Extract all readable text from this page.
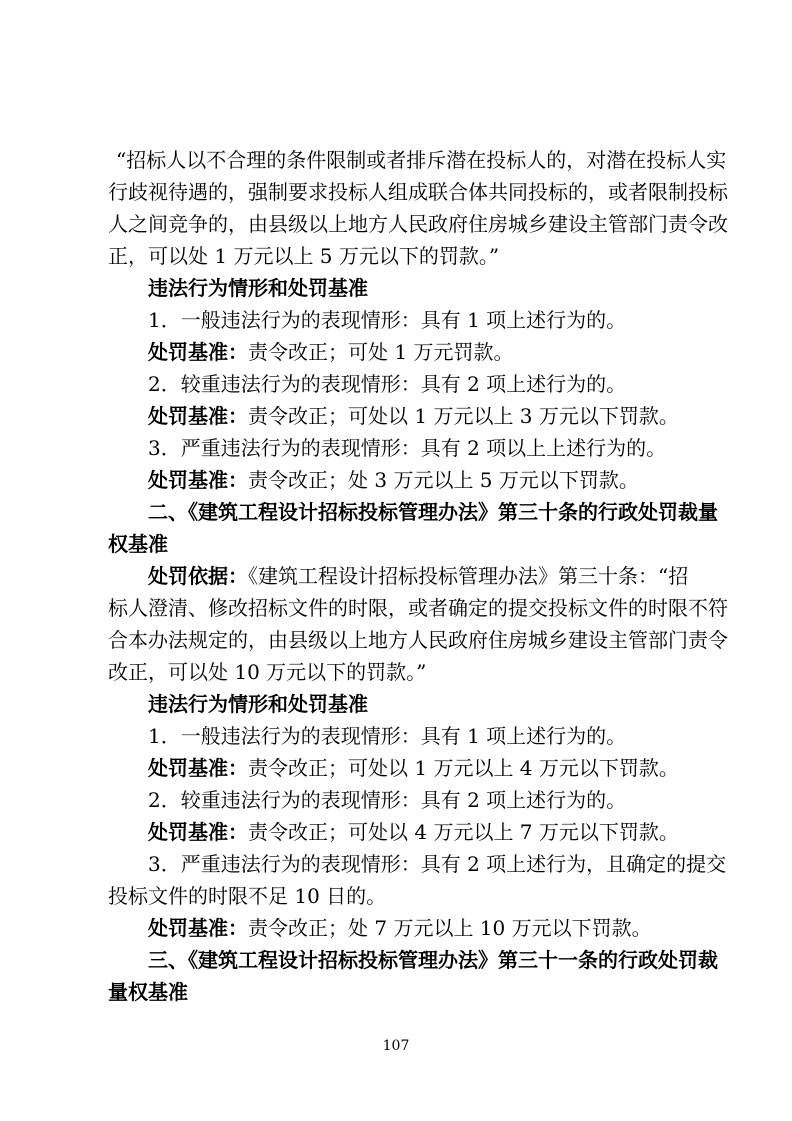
“招标人以不合理的条件限制或者排斥潜在投标人的，对潜在投标人实
行歧视待遇的，强制要求投标人组成联合体共同投标的，或者限制投标
人之间竞争的，由县级以上地方人民政府住房城乡建设主管部门责令改
正，可以处 1 万元以上 5 万元以下的罚款。”
违法行为情形和处罚基准
1．一般违法行为的表现情形：具有 1 项上述行为的。
处罚基准：责令改正；可处 1 万元罚款。
2．较重违法行为的表现情形：具有 2 项上述行为的。
处罚基准：责令改正；可处以 1 万元以上 3 万元以下罚款。
3．严重违法行为的表现情形：具有 2 项以上上述行为的。
处罚基准：责令改正；处 3 万元以上 5 万元以下罚款。
二、《建筑工程设计招标投标管理办法》第三十条的行政处罚裁量
权基准
处罚依据：《建筑工程设计招标投标管理办法》第三十条：“招
标人澄清、修改招标文件的时限，或者确定的提交投标文件的时限不符
合本办法规定的，由县级以上地方人民政府住房城乡建设主管部门责令
改正，可以处 10 万元以下的罚款。”
违法行为情形和处罚基准
1．一般违法行为的表现情形：具有 1 项上述行为的。
处罚基准：责令改正；可处以 1 万元以上 4 万元以下罚款。
2．较重违法行为的表现情形：具有 2 项上述行为的。
处罚基准：责令改正；可处以 4 万元以上 7 万元以下罚款。
3．严重违法行为的表现情形：具有 2 项上述行为，且确定的提交
投标文件的时限不足 10 日的。
处罚基准：责令改正；处 7 万元以上 10 万元以下罚款。
三、《建筑工程设计招标投标管理办法》第三十一条的行政处罚裁
量权基准
107
